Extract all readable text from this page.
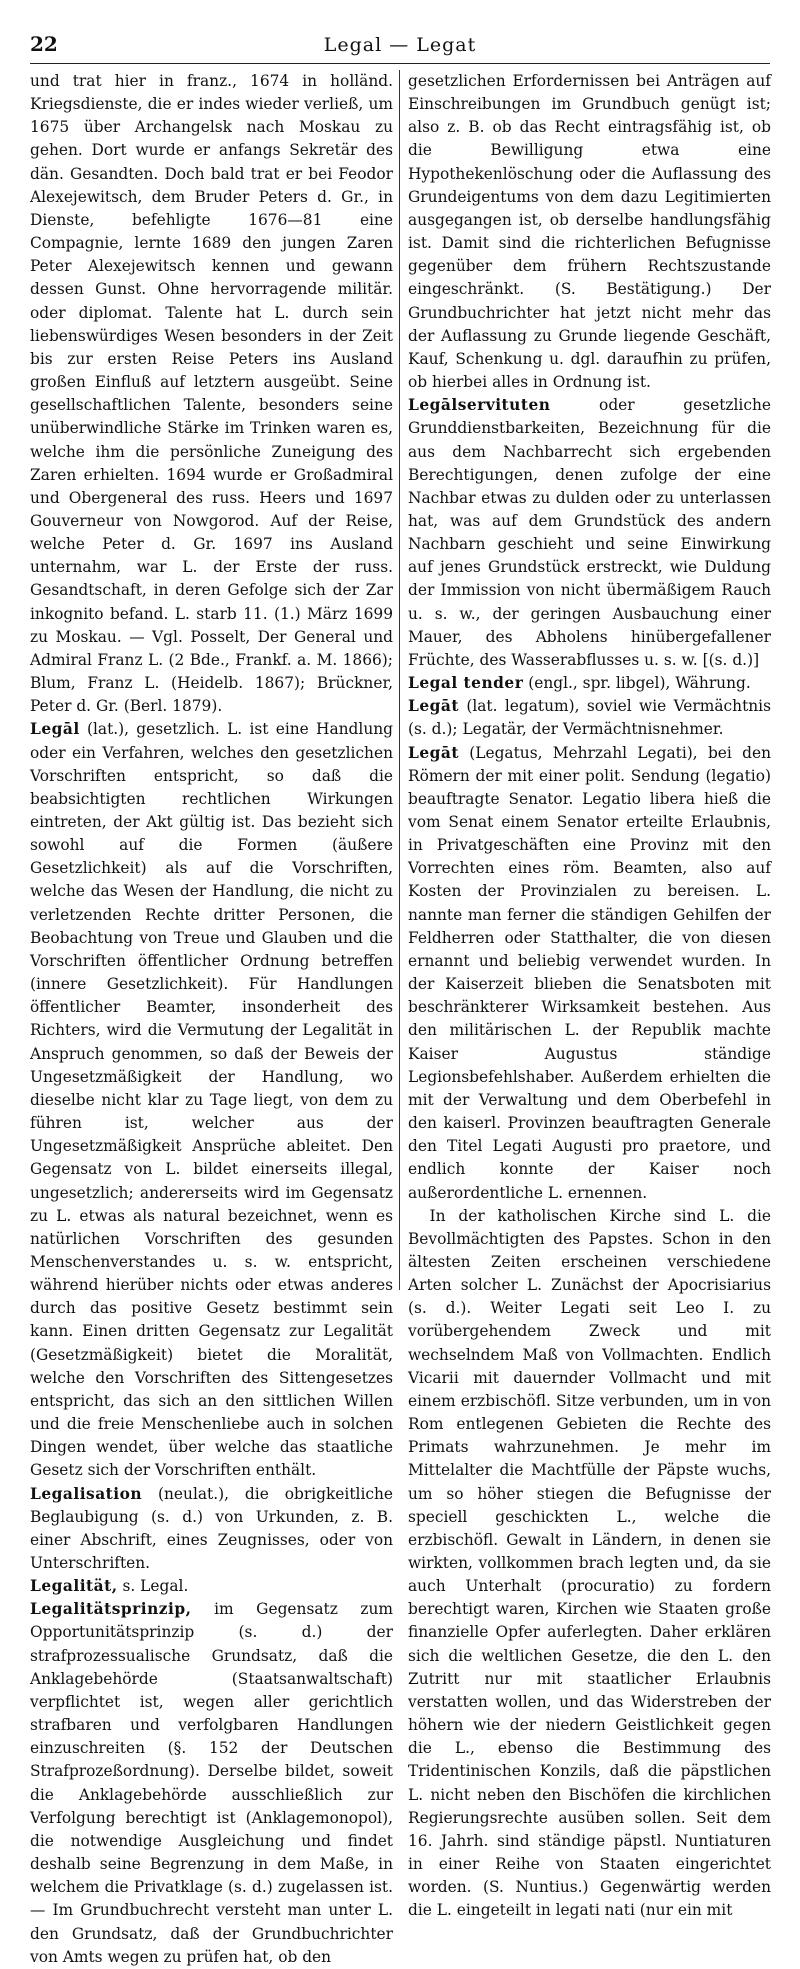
22	Legal — Legat

und trat hier in franz., 1674 in holländ. Kriegsdienste, die er indes wieder verließ, um 1675 über Archangelsk nach Moskau zu gehen. Dort wurde er anfangs Sekretär des dän. Gesandten. Doch bald trat er bei Feodor Alexejewitsch, dem Bruder Peters d. Gr., in Dienste, befehligte 1676—81 eine Compagnie, lernte 1689 den jungen Zaren Peter Alexejewitsch kennen und gewann dessen Gunst. Ohne hervorragende militär. oder diplomat. Talente hat L. durch sein liebenswürdiges Wesen besonders in der Zeit bis zur ersten Reise Peters ins Ausland großen Einfluß auf letztern ausgeübt. Seine gesellschaftlichen Talente, besonders seine unüberwindliche Stärke im Trinken waren es, welche ihm die persönliche Zuneigung des Zaren erhielten. 1694 wurde er Großadmiral und Obergeneral des russ. Heers und 1697 Gouverneur von Nowgorod. Auf der Reise, welche Peter d. Gr. 1697 ins Ausland unternahm, war L. der Erste der russ. Gesandtschaft, in deren Gefolge sich der Zar inkognito befand. L. starb 11. (1.) März 1699 zu Moskau. — Vgl. Posselt, Der General und Admiral Franz L. (2 Bde., Frankf. a. M. 1866); Blum, Franz L. (Heidelb. 1867); Brückner, Peter d. Gr. (Berl. 1879).

Legāl (lat.), gesetzlich. L. ist eine Handlung oder ein Verfahren, welches den gesetzlichen Vorschriften entspricht, so daß die beabsichtigten rechtlichen Wirkungen eintreten, der Akt gültig ist. Das bezieht sich sowohl auf die Formen (äußere Gesetzlichkeit) als auf die Vorschriften, welche das Wesen der Handlung, die nicht zu verletzenden Rechte dritter Personen, die Beobachtung von Treue und Glauben und die Vorschriften öffentlicher Ordnung betreffen (innere Gesetzlichkeit). Für Handlungen öffentlicher Beamter, insonderheit des Richters, wird die Vermutung der Legalität in Anspruch genommen, so daß der Beweis der Ungesetzmäßigkeit der Handlung, wo dieselbe nicht klar zu Tage liegt, von dem zu führen ist, welcher aus der Ungesetzmäßigkeit Ansprüche ableitet. Den Gegensatz von L. bildet einerseits illegal, ungesetzlich; andererseits wird im Gegensatz zu L. etwas als natural bezeichnet, wenn es natürlichen Vorschriften des gesunden Menschenverstandes u. s. w. entspricht, während hierüber nichts oder etwas anderes durch das positive Gesetz bestimmt sein kann. Einen dritten Gegensatz zur Legalität (Gesetzmäßigkeit) bietet die Moralität, welche den Vorschriften des Sittengesetzes entspricht, das sich an den sittlichen Willen und die freie Menschenliebe auch in solchen Dingen wendet, über welche das staatliche Gesetz sich der Vorschriften enthält.

Legalisation (neulat.), die obrigkeitliche Beglaubigung (s. d.) von Urkunden, z. B. einer Abschrift, eines Zeugnisses, oder von Unterschriften.

Legalität, s. Legal.

Legalitätsprinzip, im Gegensatz zum Opportunitätsprinzip (s. d.) der strafprozessualische Grundsatz, daß die Anklagebehörde (Staatsanwaltschaft) verpflichtet ist, wegen aller gerichtlich strafbaren und verfolgbaren Handlungen einzuschreiten (§. 152 der Deutschen Strafprozeßordnung). Derselbe bildet, soweit die Anklagebehörde ausschließlich zur Verfolgung berechtigt ist (Anklagemonopol), die notwendige Ausgleichung und findet deshalb seine Begrenzung in dem Maße, in welchem die Privatklage (s. d.) zugelassen ist. — Im Grundbuchrecht versteht man unter L. den Grundsatz, daß der Grundbuchrichter von Amts wegen zu prüfen hat, ob den

gesetzlichen Erfordernissen bei Anträgen auf Einschreibungen im Grundbuch genügt ist; also z. B. ob das Recht eintragsfähig ist, ob die Bewilligung etwa eine Hypothekenlöschung oder die Auflassung des Grundeigentums von dem dazu Legitimierten ausgegangen ist, ob derselbe handlungsfähig ist. Damit sind die richterlichen Befugnisse gegenüber dem frühern Rechtszustande eingeschränkt. (S. Bestätigung.) Der Grundbuchrichter hat jetzt nicht mehr das der Auflassung zu Grunde liegende Geschäft, Kauf, Schenkung u. dgl. daraufhin zu prüfen, ob hierbei alles in Ordnung ist.

Legālservituten oder gesetzliche Grunddienstbarkeiten, Bezeichnung für die aus dem Nachbarrecht sich ergebenden Berechtigungen, denen zufolge der eine Nachbar etwas zu dulden oder zu unterlassen hat, was auf dem Grundstück des andern Nachbarn geschieht und seine Einwirkung auf jenes Grundstück erstreckt, wie Duldung der Immission von nicht übermäßigem Rauch u. s. w., der geringen Ausbauchung einer Mauer, des Abholens hinübergefallener Früchte, des Wasserabflusses u. s. w. [(s. d.)]

Legal tender (engl., spr. libgel), Währung.

Legāt (lat. legatum), soviel wie Vermächtnis (s. d.); Legatär, der Vermächtnisnehmer.

Legāt (Legatus, Mehrzahl Legati), bei den Römern der mit einer polit. Sendung (legatio) beauftragte Senator. Legatio libera hieß die vom Senat einem Senator erteilte Erlaubnis, in Privatgeschäften eine Provinz mit den Vorrechten eines röm. Beamten, also auf Kosten der Provinzialen zu bereisen. L. nannte man ferner die ständigen Gehilfen der Feldherren oder Statthalter, die von diesen ernannt und beliebig verwendet wurden. In der Kaiserzeit blieben die Senatsboten mit beschränkterer Wirksamkeit bestehen. Aus den militärischen L. der Republik machte Kaiser Augustus ständige Legionsbefehlshaber. Außerdem erhielten die mit der Verwaltung und dem Oberbefehl in den kaiserl. Provinzen beauftragten Generale den Titel Legati Augusti pro praetore, und endlich konnte der Kaiser noch außerordentliche L. ernennen.

In der katholischen Kirche sind L. die Bevollmächtigten des Papstes. Schon in den ältesten Zeiten erscheinen verschiedene Arten solcher L. Zunächst der Apocrisiarius (s. d.). Weiter Legati seit Leo I. zu vorübergehendem Zweck und mit wechselndem Maß von Vollmachten. Endlich Vicarii mit dauernder Vollmacht und mit einem erzbischöfl. Sitze verbunden, um in von Rom entlegenen Gebieten die Rechte des Primats wahrzunehmen. Je mehr im Mittelalter die Machtfülle der Päpste wuchs, um so höher stiegen die Befugnisse der speciell geschickten L., welche die erzbischöfl. Gewalt in Ländern, in denen sie wirkten, vollkommen brach legten und, da sie auch Unterhalt (procuratio) zu fordern berechtigt waren, Kirchen wie Staaten große finanzielle Opfer auferlegten. Daher erklären sich die weltlichen Gesetze, die den L. den Zutritt nur mit staatlicher Erlaubnis verstatten wollen, und das Widerstreben der höhern wie der niedern Geistlichkeit gegen die L., ebenso die Bestimmung des Tridentinischen Konzils, daß die päpstlichen L. nicht neben den Bischöfen die kirchlichen Regierungsrechte ausüben sollen. Seit dem 16. Jahrh. sind ständige päpstl. Nuntiaturen in einer Reihe von Staaten eingerichtet worden. (S. Nuntius.) Gegenwärtig werden die L. eingeteilt in legati nati (nur ein mit
